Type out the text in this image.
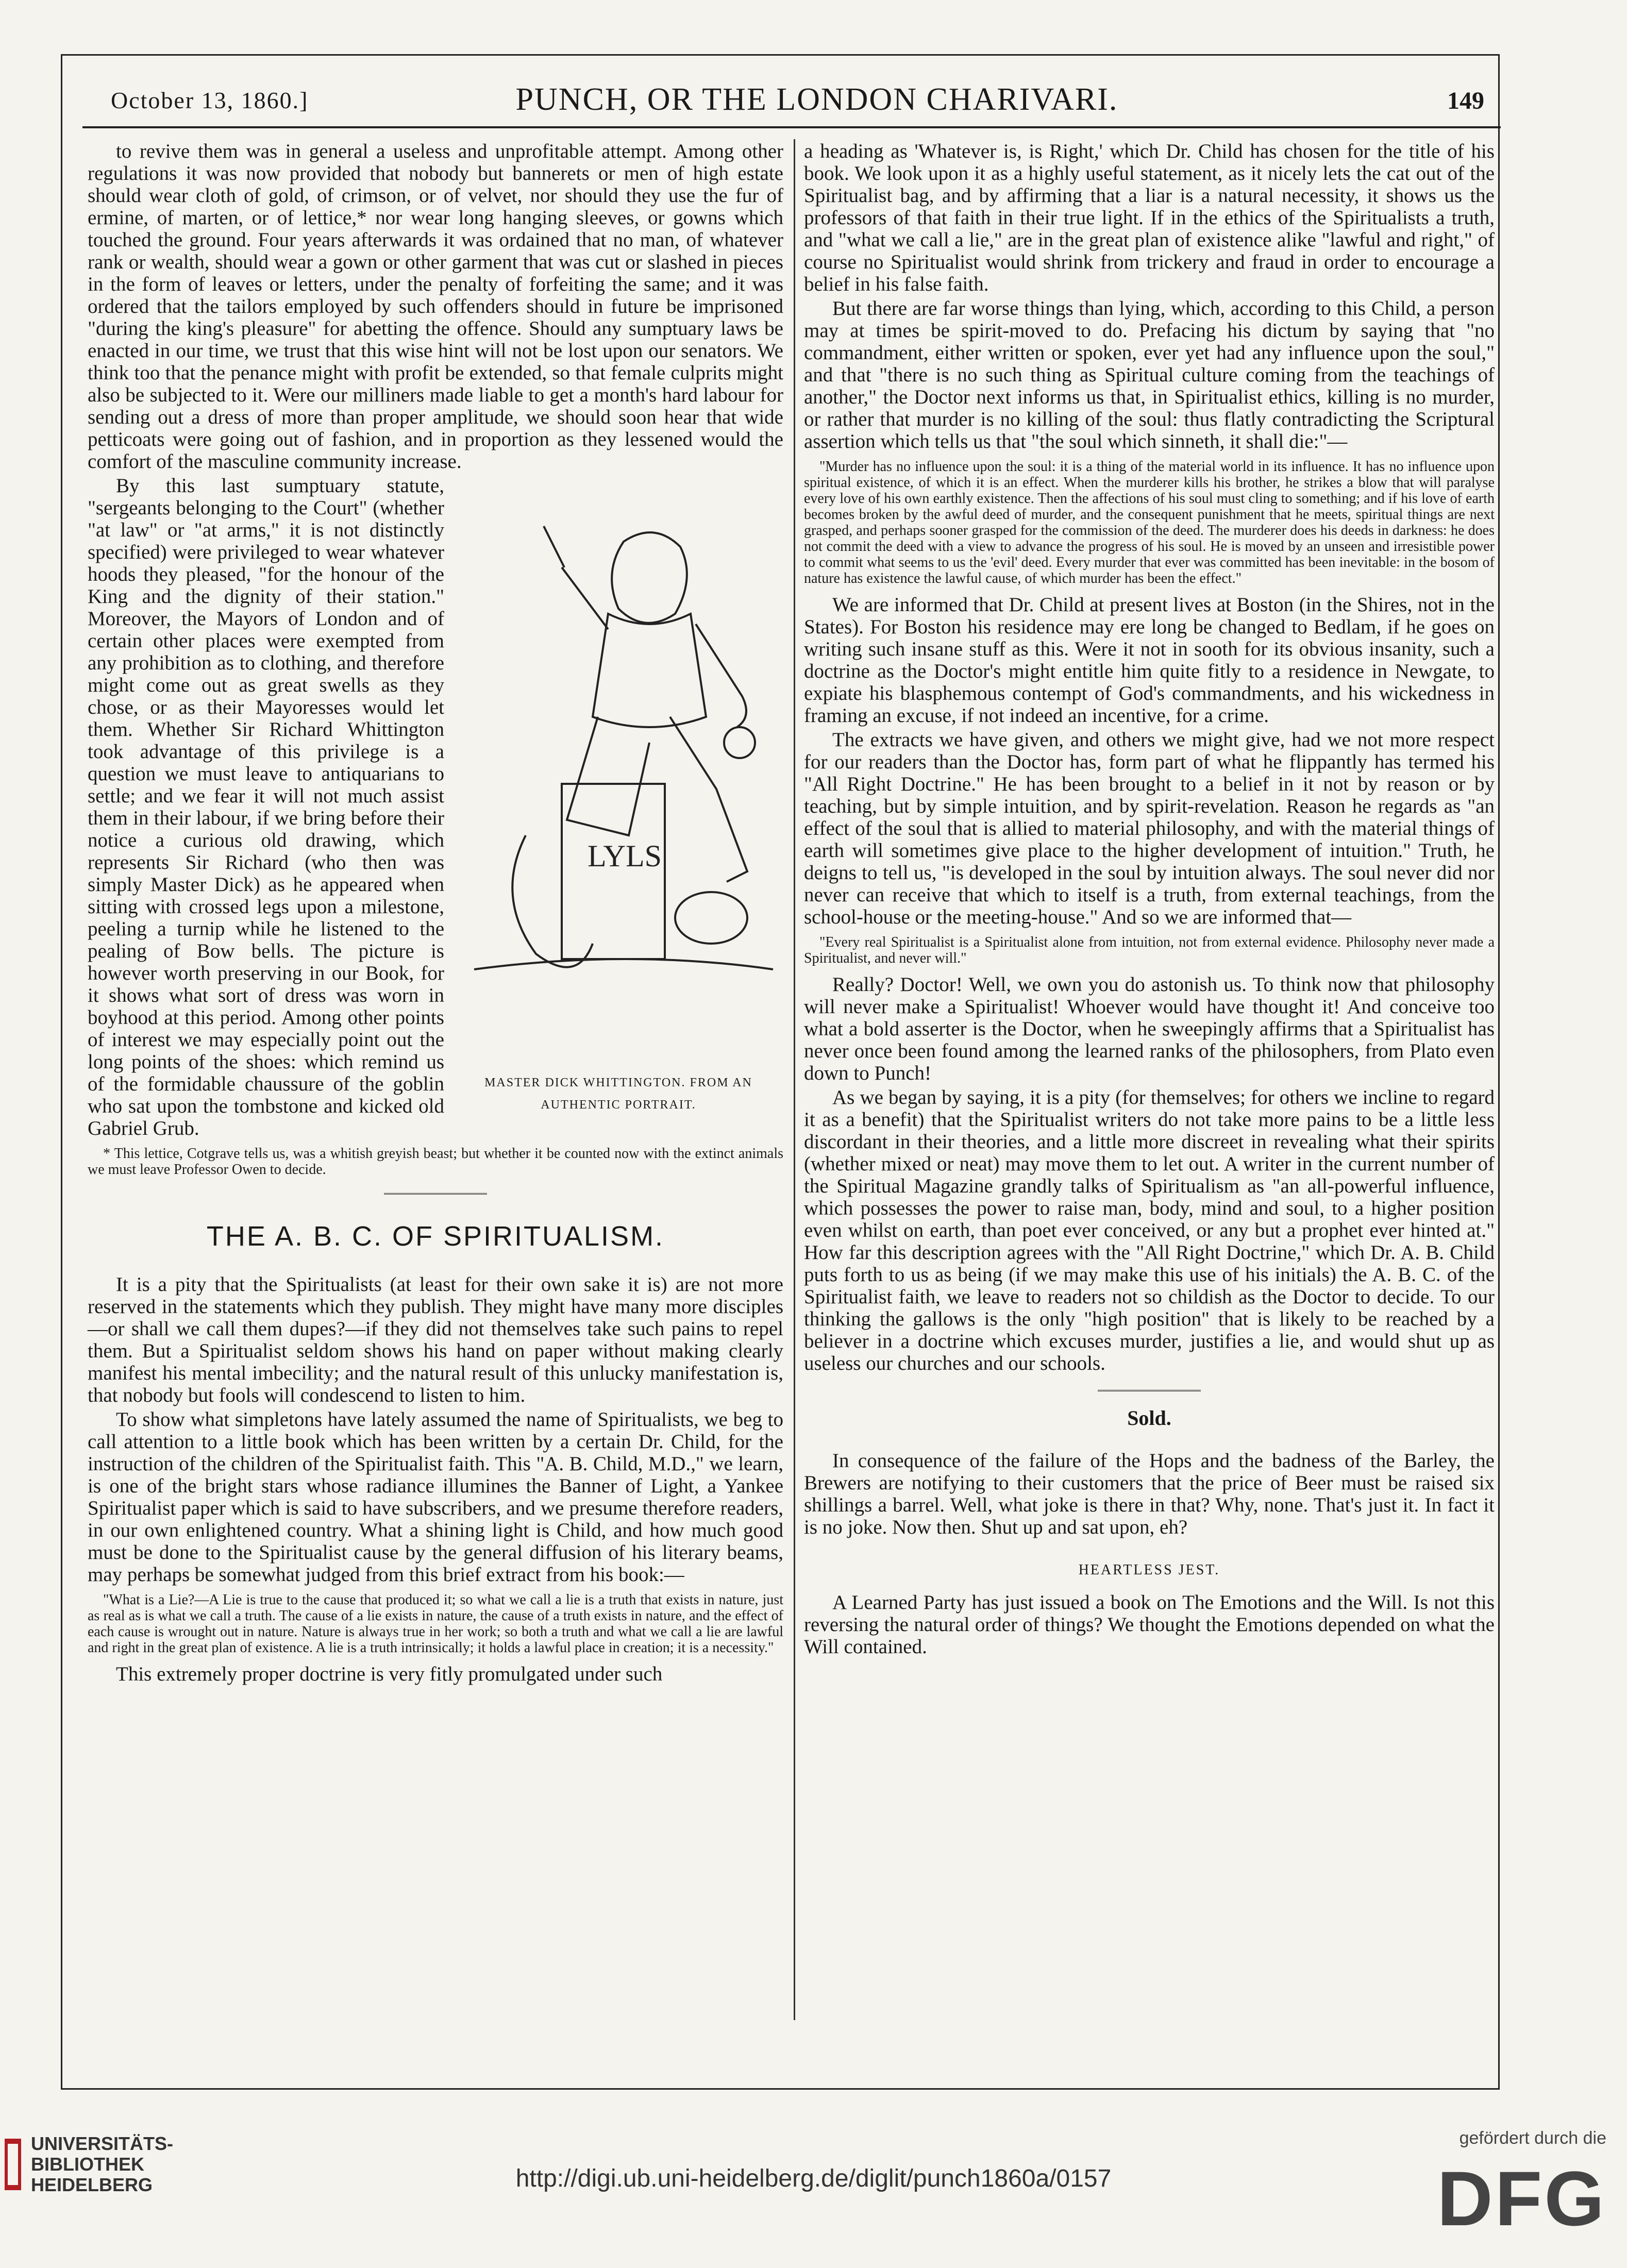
October 13, 1860.]	PUNCH, OR THE LONDON CHARIVARI.	149

to revive them was in general a useless and unprofitable attempt. Among other regulations it was now provided that nobody but bannerets or men of high estate should wear cloth of gold, of crimson, or of velvet, nor should they use the fur of ermine, of marten, or of lettice,* nor wear long hanging sleeves, or gowns which touched the ground. Four years afterwards it was ordained that no man, of whatever rank or wealth, should wear a gown or other garment that was cut or slashed in pieces in the form of leaves or letters, under the penalty of forfeiting the same; and it was ordered that the tailors employed by such offenders should in future be imprisoned "during the king's pleasure" for abetting the offence. Should any sumptuary laws be enacted in our time, we trust that this wise hint will not be lost upon our senators. We think too that the penance might with profit be extended, so that female culprits might also be subjected to it. Were our milliners made liable to get a month's hard labour for sending out a dress of more than proper amplitude, we should soon hear that wide petticoats were going out of fashion, and in proportion as they lessened would the comfort of the masculine community increase.

LYLS
MASTER DICK WHITTINGTON. FROM AN AUTHENTIC PORTRAIT.

By this last sumptuary statute, "sergeants belonging to the Court" (whether "at law" or "at arms," it is not distinctly specified) were privileged to wear whatever hoods they pleased, "for the honour of the King and the dignity of their station." Moreover, the Mayors of London and of certain other places were exempted from any prohibition as to clothing, and therefore might come out as great swells as they chose, or as their Mayoresses would let them. Whether Sir Richard Whittington took advantage of this privilege is a question we must leave to antiquarians to settle; and we fear it will not much assist them in their labour, if we bring before their notice a curious old drawing, which represents Sir Richard (who then was simply Master Dick) as he appeared when sitting with crossed legs upon a milestone, peeling a turnip while he listened to the pealing of Bow bells. The picture is however worth preserving in our Book, for it shows what sort of dress was worn in boyhood at this period. Among other points of interest we may especially point out the long points of the shoes: which remind us of the formidable chaussure of the goblin who sat upon the tombstone and kicked old Gabriel Grub.

* This lettice, Cotgrave tells us, was a whitish greyish beast; but whether it be counted now with the extinct animals we must leave Professor Owen to decide.
THE A. B. C. OF SPIRITUALISM.

It is a pity that the Spiritualists (at least for their own sake it is) are not more reserved in the statements which they publish. They might have many more disciples—or shall we call them dupes?—if they did not themselves take such pains to repel them. But a Spiritualist seldom shows his hand on paper without making clearly manifest his mental imbecility; and the natural result of this unlucky manifestation is, that nobody but fools will condescend to listen to him.

To show what simpletons have lately assumed the name of Spiritualists, we beg to call attention to a little book which has been written by a certain Dr. Child, for the instruction of the children of the Spiritualist faith. This "A. B. Child, M.D.," we learn, is one of the bright stars whose radiance illumines the Banner of Light, a Yankee Spiritualist paper which is said to have subscribers, and we presume therefore readers, in our own enlightened country. What a shining light is Child, and how much good must be done to the Spiritualist cause by the general diffusion of his literary beams, may perhaps be somewhat judged from this brief extract from his book:—

"What is a Lie?—A Lie is true to the cause that produced it; so what we call a lie is a truth that exists in nature, just as real as is what we call a truth. The cause of a lie exists in nature, the cause of a truth exists in nature, and the effect of each cause is wrought out in nature. Nature is always true in her work; so both a truth and what we call a lie are lawful and right in the great plan of existence. A lie is a truth intrinsically; it holds a lawful place in creation; it is a necessity."

This extremely proper doctrine is very fitly promulgated under such

a heading as 'Whatever is, is Right,' which Dr. Child has chosen for the title of his book. We look upon it as a highly useful statement, as it nicely lets the cat out of the Spiritualist bag, and by affirming that a liar is a natural necessity, it shows us the professors of that faith in their true light. If in the ethics of the Spiritualists a truth, and "what we call a lie," are in the great plan of existence alike "lawful and right," of course no Spiritualist would shrink from trickery and fraud in order to encourage a belief in his false faith.

But there are far worse things than lying, which, according to this Child, a person may at times be spirit-moved to do. Prefacing his dictum by saying that "no commandment, either written or spoken, ever yet had any influence upon the soul," and that "there is no such thing as Spiritual culture coming from the teachings of another," the Doctor next informs us that, in Spiritualist ethics, killing is no murder, or rather that murder is no killing of the soul: thus flatly contradicting the Scriptural assertion which tells us that "the soul which sinneth, it shall die:"—

"Murder has no influence upon the soul: it is a thing of the material world in its influence. It has no influence upon spiritual existence, of which it is an effect. When the murderer kills his brother, he strikes a blow that will paralyse every love of his own earthly existence. Then the affections of his soul must cling to something; and if his love of earth becomes broken by the awful deed of murder, and the consequent punishment that he meets, spiritual things are next grasped, and perhaps sooner grasped for the commission of the deed. The murderer does his deeds in darkness: he does not commit the deed with a view to advance the progress of his soul. He is moved by an unseen and irresistible power to commit what seems to us the 'evil' deed. Every murder that ever was committed has been inevitable: in the bosom of nature has existence the lawful cause, of which murder has been the effect."

We are informed that Dr. Child at present lives at Boston (in the Shires, not in the States). For Boston his residence may ere long be changed to Bedlam, if he goes on writing such insane stuff as this. Were it not in sooth for its obvious insanity, such a doctrine as the Doctor's might entitle him quite fitly to a residence in Newgate, to expiate his blasphemous contempt of God's commandments, and his wickedness in framing an excuse, if not indeed an incentive, for a crime.

The extracts we have given, and others we might give, had we not more respect for our readers than the Doctor has, form part of what he flippantly has termed his "All Right Doctrine." He has been brought to a belief in it not by reason or by teaching, but by simple intuition, and by spirit-revelation. Reason he regards as "an effect of the soul that is allied to material philosophy, and with the material things of earth will sometimes give place to the higher development of intuition." Truth, he deigns to tell us, "is developed in the soul by intuition always. The soul never did nor never can receive that which to itself is a truth, from external teachings, from the school-house or the meeting-house." And so we are informed that—

"Every real Spiritualist is a Spiritualist alone from intuition, not from external evidence. Philosophy never made a Spiritualist, and never will."

Really? Doctor! Well, we own you do astonish us. To think now that philosophy will never make a Spiritualist! Whoever would have thought it! And conceive too what a bold asserter is the Doctor, when he sweepingly affirms that a Spiritualist has never once been found among the learned ranks of the philosophers, from Plato even down to Punch!

As we began by saying, it is a pity (for themselves; for others we incline to regard it as a benefit) that the Spiritualist writers do not take more pains to be a little less discordant in their theories, and a little more discreet in revealing what their spirits (whether mixed or neat) may move them to let out. A writer in the current number of the Spiritual Magazine grandly talks of Spiritualism as "an all-powerful influence, which possesses the power to raise man, body, mind and soul, to a higher position even whilst on earth, than poet ever conceived, or any but a prophet ever hinted at." How far this description agrees with the "All Right Doctrine," which Dr. A. B. Child puts forth to us as being (if we may make this use of his initials) the A. B. C. of the Spiritualist faith, we leave to readers not so childish as the Doctor to decide. To our thinking the gallows is the only "high position" that is likely to be reached by a believer in a doctrine which excuses murder, justifies a lie, and would shut up as useless our churches and our schools.

Sold.

In consequence of the failure of the Hops and the badness of the Barley, the Brewers are notifying to their customers that the price of Beer must be raised six shillings a barrel. Well, what joke is there in that? Why, none. That's just it. In fact it is no joke. Now then. Shut up and sat upon, eh?

HEARTLESS JEST.

A Learned Party has just issued a book on The Emotions and the Will. Is not this reversing the natural order of things? We thought the Emotions depended on what the Will contained.

UNIVERSITÄTS-
BIBLIOTHEK
HEIDELBERG	http://digi.ub.uni-heidelberg.de/diglit/punch1860a/0157
gefördert durch die
DFG
